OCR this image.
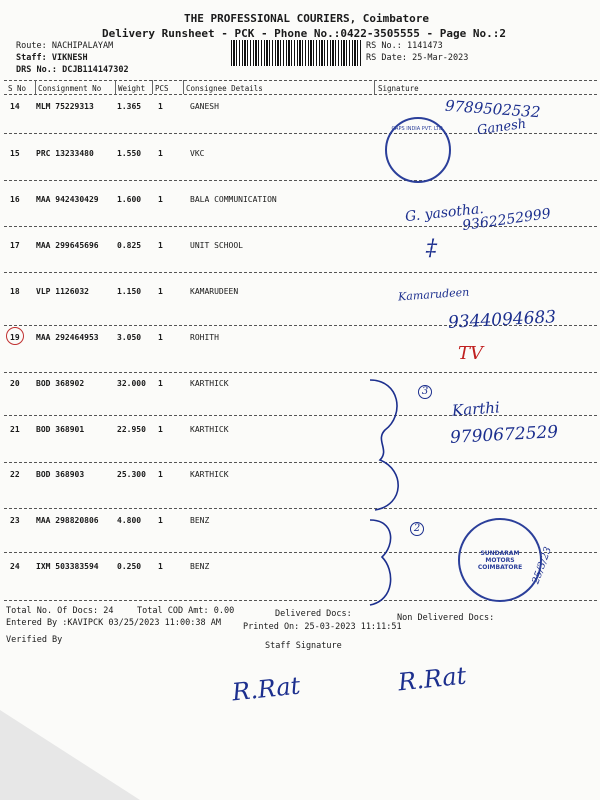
THE PROFESSIONAL COURIERS, Coimbatore
Delivery Runsheet - PCK - Phone No.:0422-3505555 - Page No.:2
Route: NACHIPALAYAM
Staff: VIKNESH
DRS No.: DCJB114147302
RS No.: 1141473
RS Date: 25-Mar-2023
S No Consignment No Weight PCS Consignee Details	Signature
14 MLM 75229313	1.365 1	GANESH
15 PRC 13233480	1.550 1	VKC
16 MAA 942430429 1.600 1	BALA COMMUNICATION
17 MAA 299645696 0.825 1	UNIT SCHOOL
18 VLP 1126032	1.150 1	KAMARUDEEN
19 MAA 292464953 3.050 1	ROHITH
20 BOD 368902	32.000 1	KARTHICK
21 BOD 368901	22.950 1	KARTHICK
22 BOD 368903	25.300 1	KARTHICK
23 MAA 298820806 4.800 1	BENZ
24 IXM 503383594 0.250 1	BENZ
9789502532
Ganesh
CAPS INDIA PVT. LTD.
G. yasotha.
9362252999
‡
Kamarudeen
9344094683
TV
3
Karthi
9790672529
2
SUNDARAM MOTORS COIMBATORE 25/3/23
Total No. Of Docs: 24	Total COD Amt: 0.00	Delivered Docs:	Non Delivered Docs:
Entered By :KAVIPCK 03/25/2023 11:00:38 AM	Printed On: 25-03-2023 11:11:51
Verified By
Staff Signature
R.Rat	R.Rat
